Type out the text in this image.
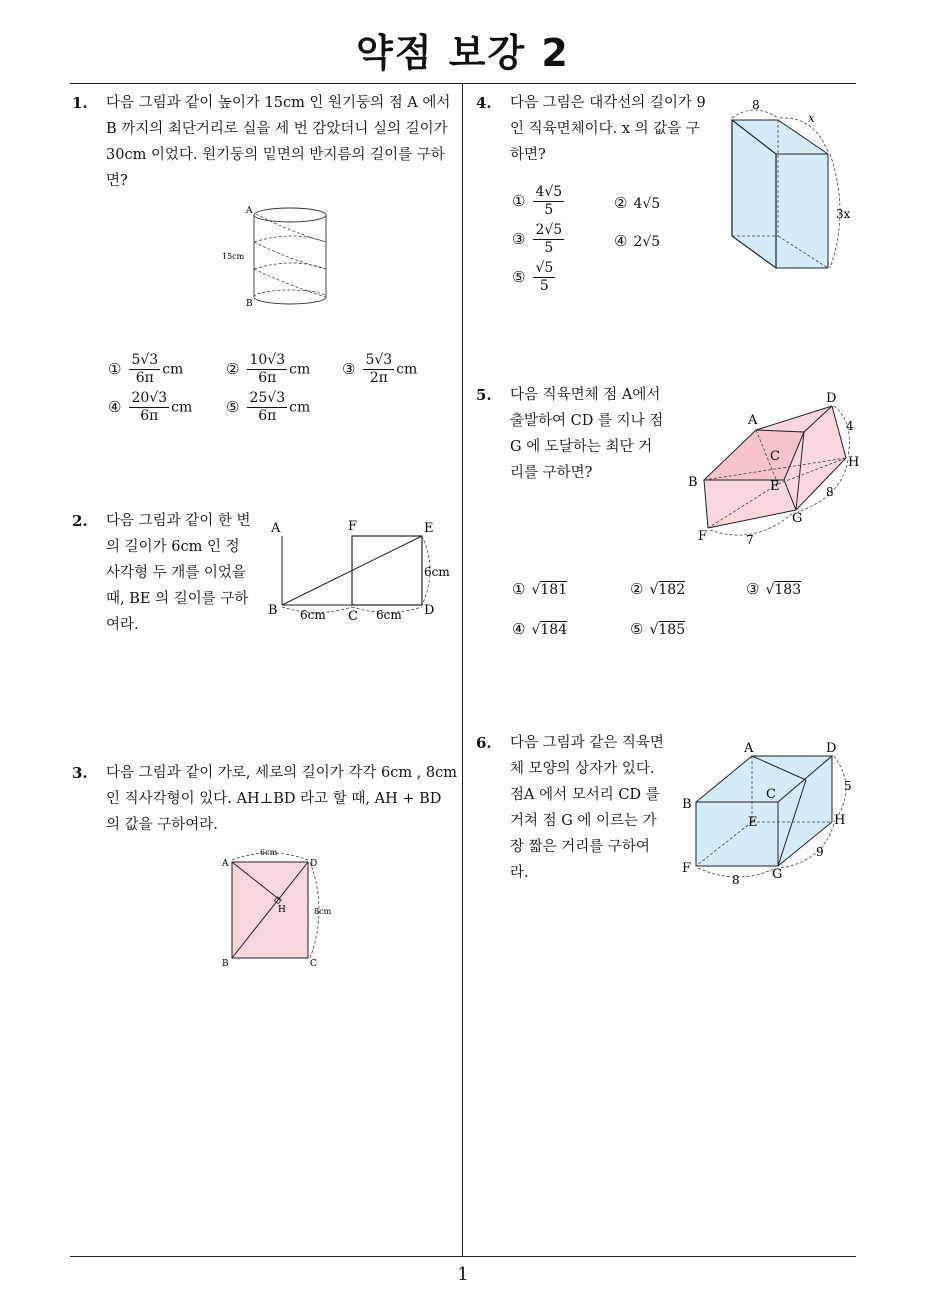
약점 보강 2
1
1. 다음 그림과 같이 높이가 15cm 인 원기둥의 점 A 에서
B 까지의 최단거리로 실을 세 번 감았더니 실의 길이가
30cm 이었다. 원기둥의 밑면의 반지름의 길이를 구하
면?
A
B
15cm
① $\frac{5√3}{6\pi}$ cm	② $\frac{10√3}{6\pi}$ cm ③ $\frac{5√3}{2\pi}$ cm
④ $\frac{20√3}{6\pi}$ cm ⑤ $\frac{25√3}{6\pi}$ cm
2. 다음 그림과 같이 한 변
의 길이가 6cm 인 정
사각형 두 개를 이었을
때, BE 의 길이를 구하
여라.
A	F	E
B	C	D
6cm	6cm
6cm
3. 다음 그림과 같이 가로, 세로의 길이가 각각 6cm , 8cm
인 직사각형이 있다. AH⊥BD 라고 할 때, AH + BD
의 값을 구하여라.
A	D
B	C
H
6cm
8cm
4. 다음 그림은 대각선의 길이가 9
인 직육면체이다. x 의 값을 구
하면?
8
x
3x
① $\frac{4√5}{5}$	② 4√5
③ $\frac{2√5}{5}$	④ 2√5
⑤ $\frac{√5}{5}$
5. 다음 직육면체 점 A에서
출발하여 CD 를 지나 점
G 에 도달하는 최단 거
리를 구하면?
A
D
C
E
H
B
G
F
4
8
7
① √181	② √182	③ √183
④ √184	⑤ √185
6. 다음 그림과 같은 직육면
체 모양의 상자가 있다.
점A 에서 모서리 CD 를
거쳐 점 G 에 이르는 가
장 짧은 거리를 구하여
라.
A	D
B
C
E	H
F	G
5
9
8
